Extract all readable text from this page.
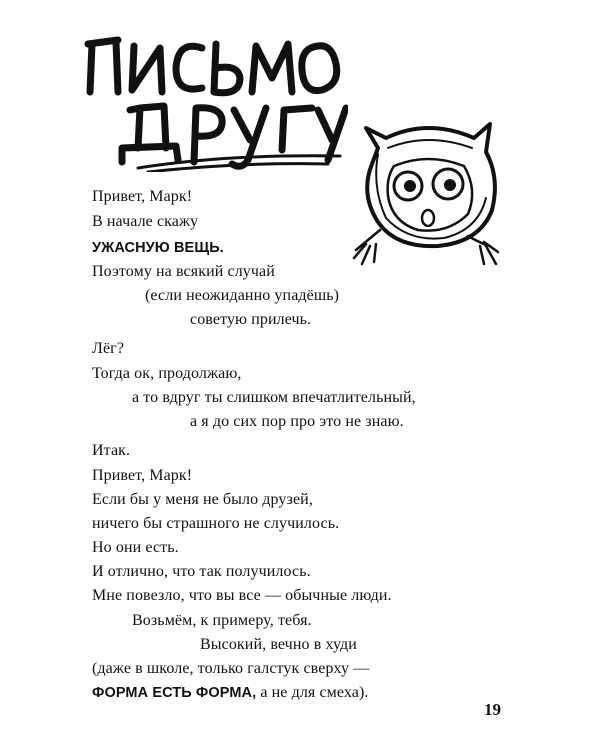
Привет, Марк!
В начале скажу
УЖАСНУЮ ВЕЩЬ.
Поэтому на всякий случай
(если неожиданно упадёшь)
советую прилечь.
Лёг?
Тогда ок, продолжаю,
а то вдруг ты слишком впечатлительный,
а я до сих пор про это не знаю.
Итак.
Привет, Марк!
Если бы у меня не было друзей,
ничего бы страшного не случилось.
Но они есть.
И отлично, что так получилось.
Мне повезло, что вы все — обычные люди.
Возьмём, к примеру, тебя.
Высокий, вечно в худи
(даже в школе, только галстук сверху —
ФОРМА ЕСТЬ ФОРМА, а не для смеха).
19
